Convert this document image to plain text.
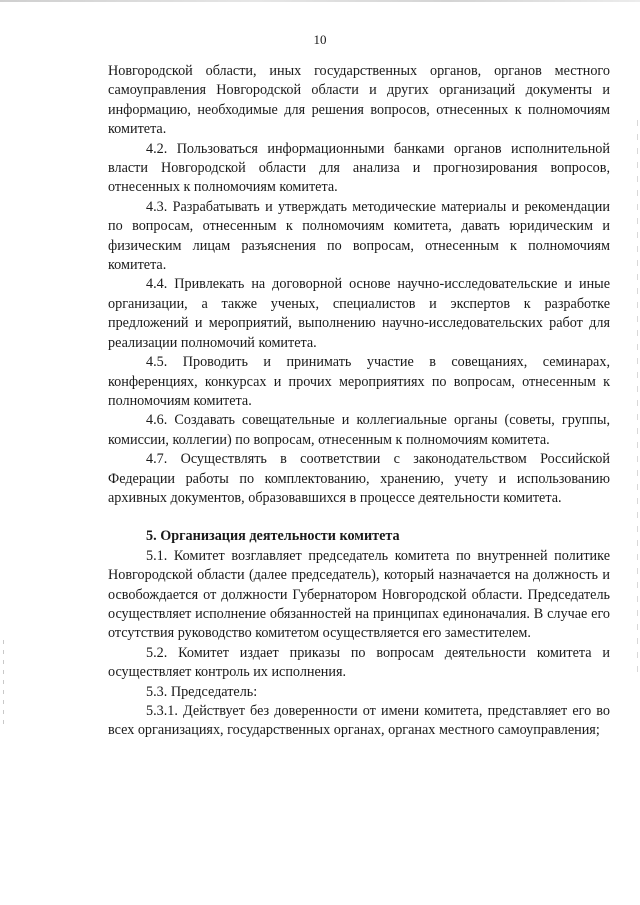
10

Новгородской области, иных государственных органов, органов местного самоуправления Новгородской области и других организаций документы и информацию, необходимые для решения вопросов, отнесенных к полномочиям комитета.

4.2. Пользоваться информационными банками органов исполнительной власти Новгородской области для анализа и прогнозирования вопросов, отнесенных к полномочиям комитета.

4.3. Разрабатывать и утверждать методические материалы и рекомендации по вопросам, отнесенным к полномочиям комитета, давать юридическим и физическим лицам разъяснения по вопросам, отнесенным к полномочиям комитета.

4.4. Привлекать на договорной основе научно-исследовательские и иные организации, а также ученых, специалистов и экспертов к разработке предложений и мероприятий, выполнению научно-исследовательских работ для реализации полномочий комитета.

4.5. Проводить и принимать участие в совещаниях, семинарах, конференциях, конкурсах и прочих мероприятиях по вопросам, отнесенным к полномочиям комитета.

4.6. Создавать совещательные и коллегиальные органы (советы, группы, комиссии, коллегии) по вопросам, отнесенным к полномочиям комитета.

4.7. Осуществлять в соответствии с законодательством Российской Федерации работы по комплектованию, хранению, учету и использованию архивных документов, образовавшихся в процессе деятельности комитета.

5. Организация деятельности комитета

5.1. Комитет возглавляет председатель комитета по внутренней политике Новгородской области (далее председатель), который назначается на должность и освобождается от должности Губернатором Новгородской области. Председатель осуществляет исполнение обязанностей на принципах единоначалия. В случае его отсутствия руководство комитетом осуществляется его заместителем.

5.2. Комитет издает приказы по вопросам деятельности комитета и осуществляет контроль их исполнения.

5.3. Председатель:

5.3.1. Действует без доверенности от имени комитета, представляет его во всех организациях, государственных органах, органах местного самоуправления;
